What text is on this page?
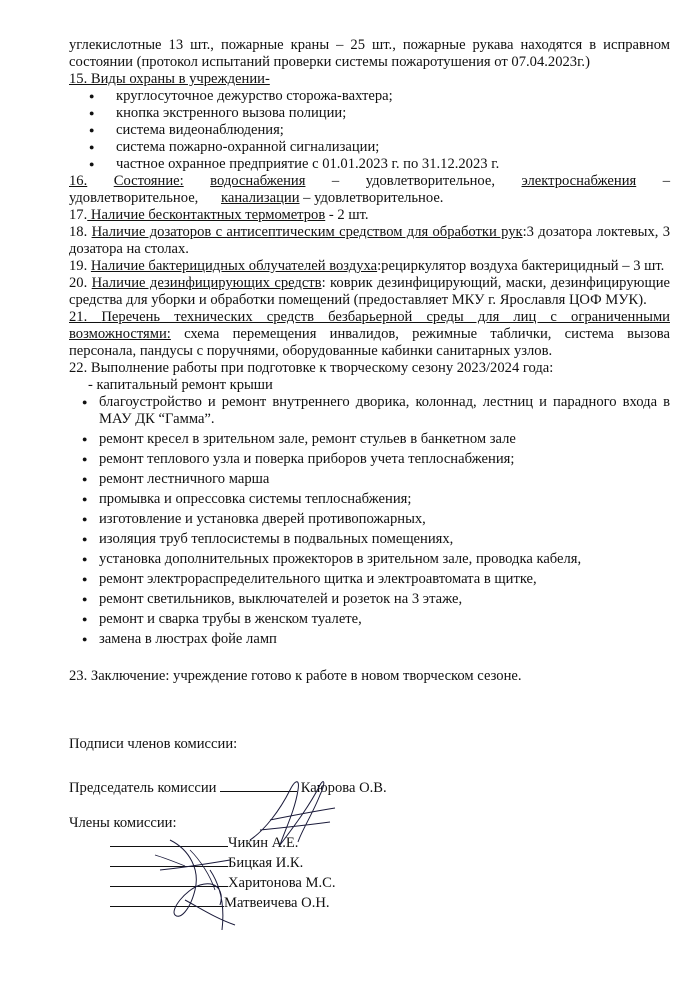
углекислотные 13 шт., пожарные краны – 25 шт., пожарные рукава находятся в исправном состоянии (протокол испытаний проверки системы пожаротушения от 07.04.2023г.)

15. Виды охраны в учреждении-

● круглосуточное дежурство сторожа-вахтера;
● кнопка экстренного вызова полиции;
● система видеонаблюдения;
● система пожарно-охранной сигнализации;
● частное охранное предприятие с 01.01.2023 г. по 31.12.2023 г.

16. Состояние: водоснабжения – удовлетворительное, электроснабжения – удовлетворительное,	канализации – удовлетворительное.

17. Наличие бесконтактных термометров - 2 шт.

18. Наличие дозаторов с антисептическим средством для обработки рук:3 дозатора локтевых, 3 дозатора на столах.

19. Наличие бактерицидных облучателей воздуха:рециркулятор воздуха бактерицидный – 3 шт.

20. Наличие дезинфицирующих средств: коврик дезинфицирующий, маски, дезинфицирующие средства для уборки и обработки помещений (предоставляет МКУ г. Ярославля ЦОФ МУК).

21. Перечень технических средств безбарьерной среды для лиц с ограниченными возможностями: схема перемещения инвалидов, режимные таблички, система вызова персонала, пандусы с поручнями, оборудованные кабинки санитарных узлов.

22. Выполнение работы при подготовке к творческому сезону 2023/2024 года:

- капитальный ремонт крыши

● благоустройство и ремонт внутреннего дворика, колоннад, лестниц и парадного входа в МАУ ДК “Гамма”.
● ремонт кресел в зрительном зале, ремонт стульев в банкетном зале
● ремонт теплового узла и поверка приборов учета теплоснабжения;
● ремонт лестничного марша
● промывка и опрессовка системы теплоснабжения;
● изготовление и установка дверей противопожарных,
● изоляция труб теплосистемы в подвальных помещениях,
● установка дополнительных прожекторов в зрительном зале, проводка кабеля,
● ремонт электрораспределительного щитка и электроавтомата в щитке,
● ремонт светильников, выключателей и розеток на 3 этаже,
● ремонт и сварка трубы в женском туалете,
● замена в люстрах фойе ламп

23. Заключение: учреждение готово к работе в новом творческом сезоне.

Подписи членов комиссии:

Председатель комиссии	Каюрова О.В.

Члены комиссии:

Чикин А.Е.

Бицкая И.К.

Харитонова М.С.

Матвеичева О.Н.
